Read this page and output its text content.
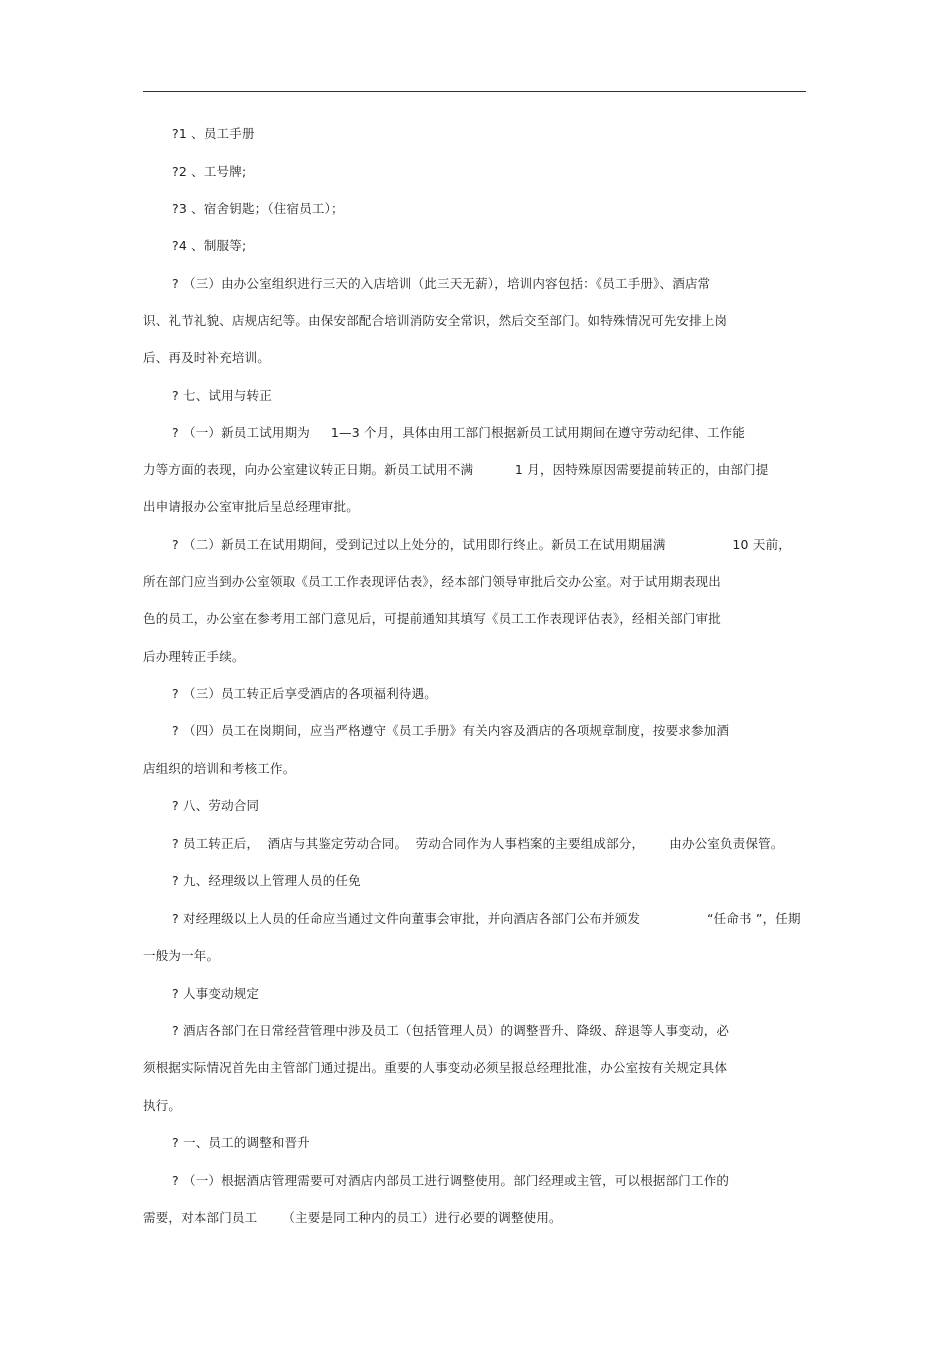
?1 、员工手册
?2 、工号牌;
?3 、宿舍钥匙；（住宿员工）；
?4 、制服等;
? （三）由办公室组织进行三天的入店培训（此三天无薪），培训内容包括：《员工手册》、酒店常
识、礼节礼貌、店规店纪等。由保安部配合培训消防安全常识，然后交至部门。如特殊情况可先安排上岗
后、再及时补充培训。
? 七、试用与转正
? （一）新员工试用期为     1—3 个月，具体由用工部门根据新员工试用期间在遵守劳动纪律、工作能
力等方面的表现，向办公室建议转正日期。新员工试用不满          1 月，因特殊原因需要提前转正的，由部门提
出申请报办公室审批后呈总经理审批。
? （二）新员工在试用期间，受到记过以上处分的，试用即行终止。新员工在试用期届满                10 天前，
所在部门应当到办公室领取《员工工作表现评估表》，经本部门领导审批后交办公室。对于试用期表现出
色的员工，办公室在参考用工部门意见后，可提前通知其填写《员工工作表现评估表》，经相关部门审批
后办理转正手续。
? （三）员工转正后享受酒店的各项福利待遇。
? （四）员工在岗期间，应当严格遵守《员工手册》有关内容及酒店的各项规章制度，按要求参加酒
店组织的培训和考核工作。
? 八、劳动合同
? 员工转正后，  酒店与其鉴定劳动合同。  劳动合同作为人事档案的主要组成部分，      由办公室负责保管。
? 九、经理级以上管理人员的任免
? 对经理级以上人员的任命应当通过文件向董事会审批，并向酒店各部门公布并颁发                “任命书 ”，任期
一般为一年。
? 人事变动规定
? 酒店各部门在日常经营管理中涉及员工（包括管理人员）的调整晋升、降级、辞退等人事变动，必
须根据实际情况首先由主管部门通过提出。重要的人事变动必须呈报总经理批准，办公室按有关规定具体
执行。
? 一、员工的调整和晋升
? （一）根据酒店管理需要可对酒店内部员工进行调整使用。部门经理或主管，可以根据部门工作的
需要，对本部门员工      （主要是同工种内的员工）进行必要的调整使用。
